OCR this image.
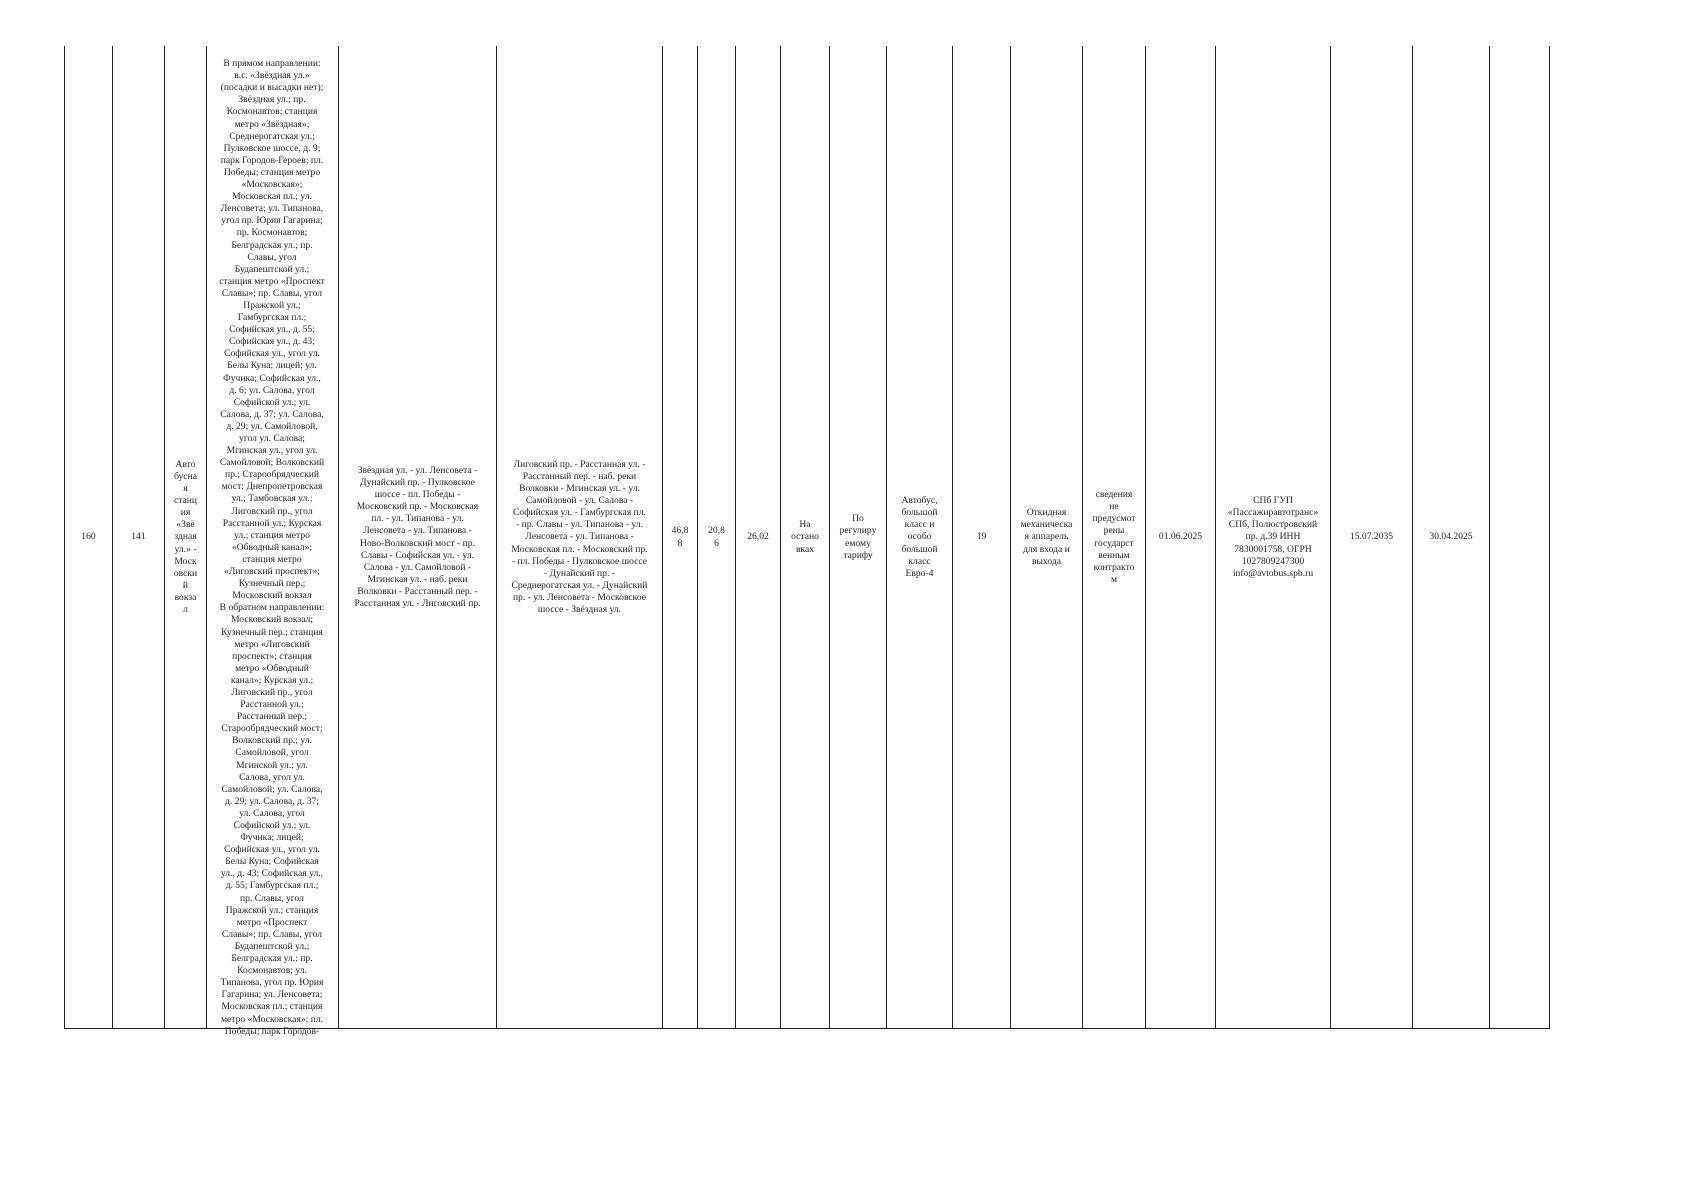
160	141
Авто
бусна
я
станц
ия
«Звё
здная
ул.» -
Моск
овски
й
вокза
л

В прямом направлении:
в.с. «Звёздная ул.»
(посадки и высадки нет);
Звёздная ул.; пр.
Космонавтов; станция
метро «Звёздная»;
Среднерогатская ул.;
Пулковское шоссе, д. 9;
парк Городов-Героев; пл.
Победы; станция метро
«Московская»;
Московская пл.; ул.
Ленсовета; ул. Типанова,
угол пр. Юрия Гагарина;
пр. Космонавтов;
Белградская ул.; пр.
Славы, угол
Будапештской ул.;
станция метро «Проспект
Славы»; пр. Славы, угол
Пражской ул.;
Гамбургская пл.;
Софийская ул., д. 55;
Софийская ул., д. 43;
Софийская ул., угол ул.
Белы Куна; лицей; ул.
Фучика; Софийская ул.,
д. 6; ул. Салова, угол
Софийской ул.; ул.
Салова, д. 37; ул. Салова,
д. 29; ул. Самойловой,
угол ул. Салова;
Мгинская ул., угол ул.
Самойловой; Волковский
пр.; Старообрядческий
мост; Днепропетровская
ул.; Тамбовская ул.;
Лиговский пр., угол
Расстанной ул.; Курская
ул.; станция метро
«Обводный канал»;
станция метро
«Лиговский проспект»;
Кузнечный пер.;
Московский вокзал
В обратном направлении:
Московский вокзал;
Кузнечный пер.; станция
метро «Лиговский
проспект»; станция
метро «Обводный
канал»; Курская ул.;
Лиговский пр., угол
Расстанной ул.;
Расстанный пер.;
Старообрядческий мост;
Волковский пр.; ул.
Самойловой, угол
Мгинской ул.; ул.
Салова, угол ул.
Самойловой; ул. Салова,
д. 29; ул. Салова, д. 37;
ул. Салова, угол
Софийской ул.; ул.
Фучика; лицей;
Софийская ул., угол ул.
Белы Куна; Софийская
ул., д. 43; Софийская ул.,
д. 55; Гамбургская пл.;
пр. Славы, угол
Пражской ул.; станция
метро «Проспект
Славы»; пр. Славы, угол
Будапештской ул.;
Белградская ул.; пр.
Космонавтов; ул.
Типанова, угол пр. Юрия
Гагарина; ул. Ленсовета;
Московская пл.; станция
метро «Московская»; пл.
Победы; парк Городов-

Звёздная ул. - ул. Ленсовета -
Дунайский пр. - Пулковское
шоссе - пл. Победы -
Московский пр. - Московская
пл. - ул. Типанова - ул.
Ленсовета - ул. Типанова -
Ново-Волковский мост - пр.
Славы - Софийская ул. - ул.
Салова - ул. Самойловой -
Мгинская ул. - наб. реки
Волковки - Расстанный пер. -
Расстанная ул. - Лиговский пр.
Лиговский пр. - Расстанная ул. -
Расстанный пер. - наб. реки
Волковки - Мгинская ул. - ул.
Самойловой - ул. Салова -
Софийская ул. - Гамбургская пл.
- пр. Славы - ул. Типанова - ул.
Ленсовета - ул. Типанова -
Московская пл. - Московский пр.
- пл. Победы - Пулковское шоссе
- Дунайский пр. -
Среднерогатская ул. - Дунайский
пр. - ул. Ленсовета - Московское
шоссе - Звёздная ул.
46,8
8
20,8
6
26,02
На
остано
вках
По
регулиру
емому
тарифу
Автобус,
большой
класс и
особо
большой
класс
Евро-4
19
Откидная
механическа
я аппарель
для входа и
выхода
сведения
не
предусмот
рены
государст
венным
контракто
м
01.06.2025
СПб ГУП
«Пассажиравтотранс»
СПб, Полюстровский
пр. д.39 ИНН
7830001758, ОГРН
1027809247300
info@avtobus.spb.ru
15.07.2035	30.04.2025
